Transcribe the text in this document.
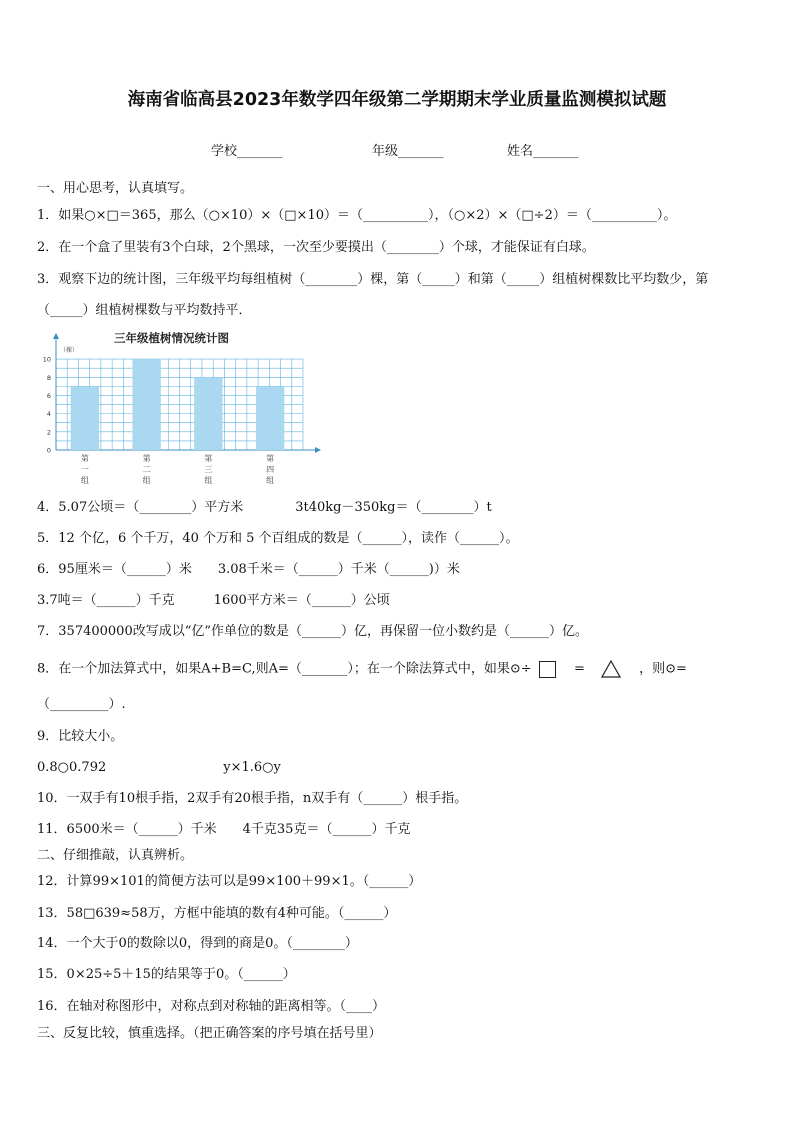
海南省临高县2023年数学四年级第二学期期末学业质量监测模拟试题
学校_______	年级_______	姓名_______
一、用心思考，认真填写。
1．如果○×□＝365，那么（○×10）×（□×10）＝（__________），（○×2）×（□÷2）＝（__________）。
2．在一个盒了里装有3个白球，2个黑球，一次至少要摸出（________）个球，才能保证有白球。
3．观察下边的统计图，三年级平均每组植树（________）棵，第（_____）和第（_____）组植树棵数比平均数少，第
（_____）组植树棵数与平均数持平．
三年级植树情况统计图
（棵）
0
2
4
6
8
10
第
一
组
第
二
组
第
三
组
第
四
组
4．5.07公顷＝（________）平方米　　　　3t40kg－350kg＝（________）t
5．12 个亿，6 个千万，40 个万和 5 个百组成的数是（______），读作（______）。
6．95厘米＝（______）米　　3.08千米＝（______）千米（______)）米
3.7吨＝（______）千克　　　1600平方米＝（______）公顷
7．357400000改写成以“亿”作单位的数是（______）亿，再保留一位小数约是（______）亿。
8．在一个加法算式中，如果A+B=C,则A=（_______）；在一个除法算式中，如果⊙÷	=	，则⊙=
（_________）.
9．比较大小。
0.8○0.792　　　　　　　　　y×1.6○y
10．一双手有10根手指，2双手有20根手指，n双手有（______）根手指。
11．6500米＝（______）千米　　4千克35克＝（______）千克
二、仔细推敲，认真辨析。
12．计算99×101的简便方法可以是99×100＋99×1。（______）
13．58□639≈58万，方框中能填的数有4种可能。（______）
14．一个大于0的数除以0，得到的商是0。（________）
15．0×25÷5＋15的结果等于0。（______）
16．在轴对称图形中，对称点到对称轴的距离相等。（____）
三、反复比较，慎重选择。（把正确答案的序号填在括号里）
